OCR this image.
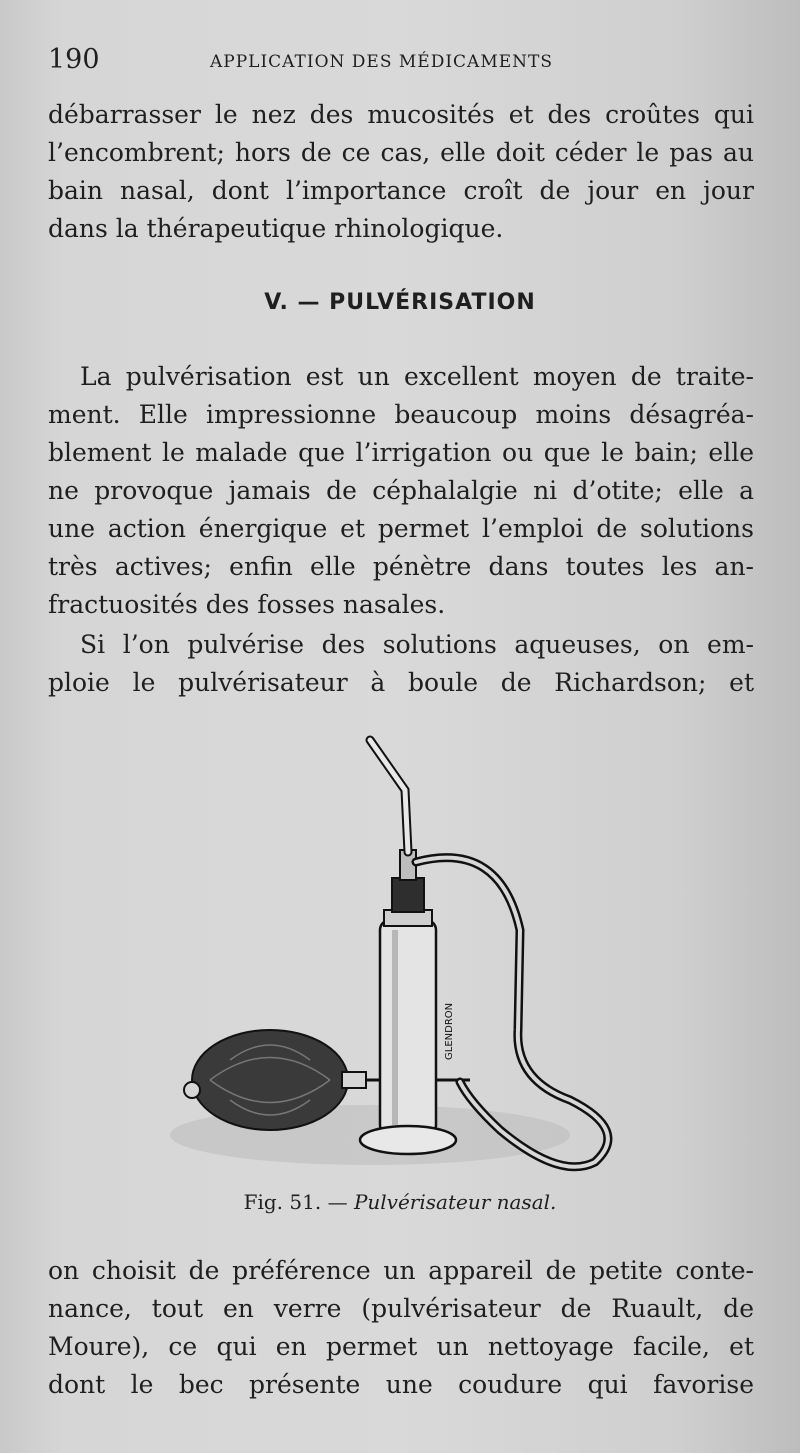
190	APPLICATION DES MÉDICAMENTS
débarrasser le nez des mucosités et des croûtes qui
l’encombrent; hors de ce cas, elle doit céder le pas au
bain nasal, dont l’importance croît de jour en jour
dans la thérapeutique rhinologique.
V. — PULVÉRISATION
La pulvérisation est un excellent moyen de traite-
ment. Elle impressionne beaucoup moins désagréa-
blement le malade que l’irrigation ou que le bain; elle
ne provoque jamais de céphalalgie ni d’otite; elle a
une action énergique et permet l’emploi de solutions
très actives; enfin elle pénètre dans toutes les an-
fractuosités des fosses nasales.
Si l’on pulvérise des solutions aqueuses, on em-
ploie le pulvérisateur à boule de Richardson; et
GLENDRON
Fig. 51. — Pulvérisateur nasal.
on choisit de préférence un appareil de petite conte-
nance, tout en verre (pulvérisateur de Ruault, de
Moure), ce qui en permet un nettoyage facile, et
dont le bec présente une coudure qui favorise
